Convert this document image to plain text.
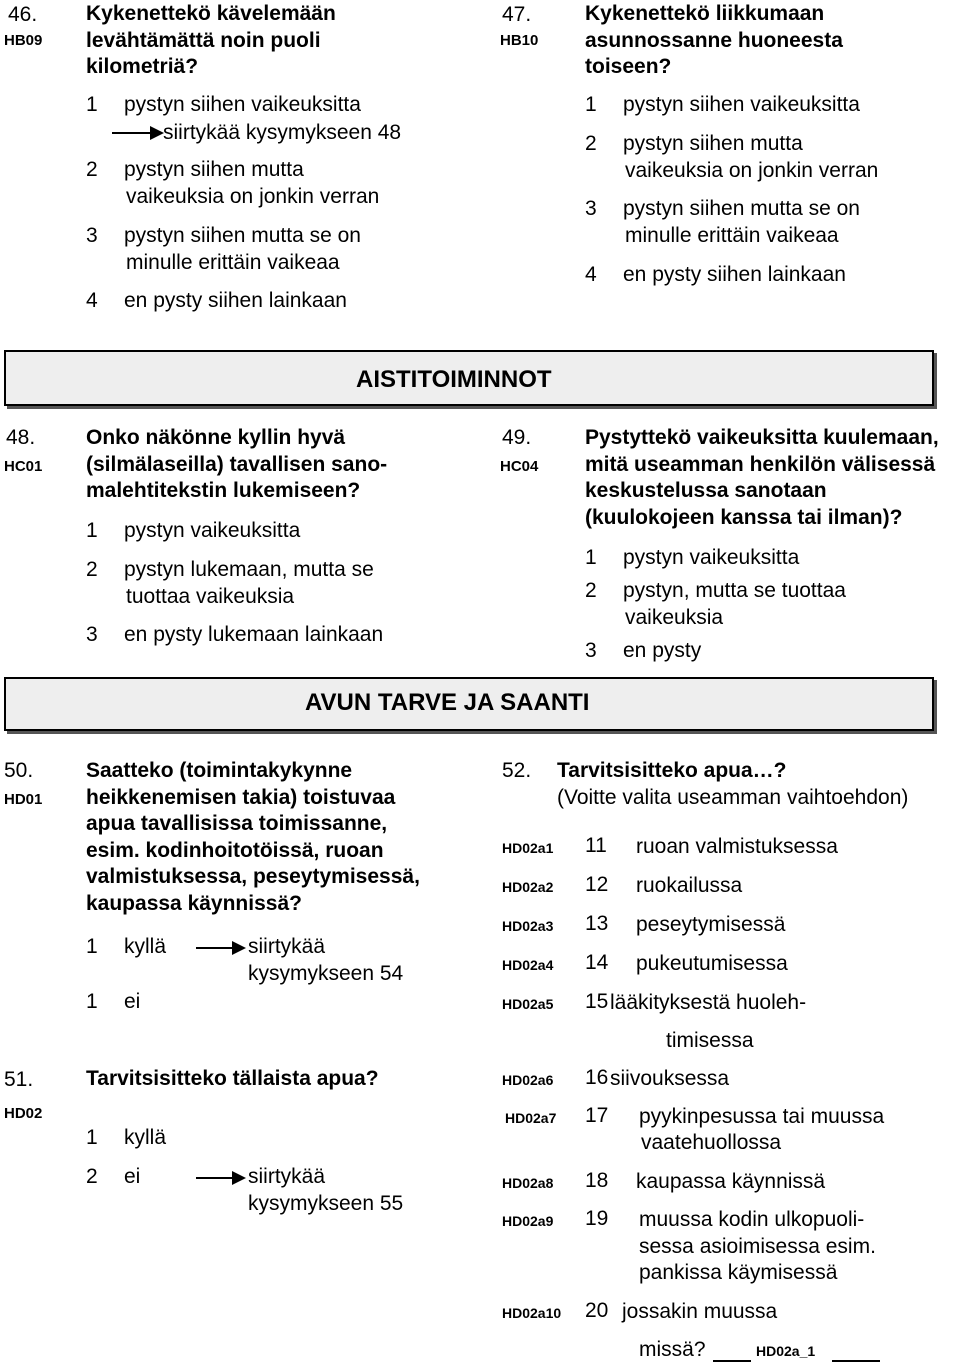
46.
HB09
Kykenettekö kävelemään levähtämättä noin puoli kilometriä?
1 pystyn siihen vaikeuksitta
siirtykää kysymykseen 48
2 pystyn siihen mutta
vaikeuksia on jonkin verran
3 pystyn siihen mutta se on
minulle erittäin vaikeaa
4 en pysty siihen lainkaan
47.
HB10
Kykenettekö liikkumaan asunnossanne huoneesta toiseen?
1 pystyn siihen vaikeuksitta
2 pystyn siihen mutta
vaikeuksia on jonkin verran
3 pystyn siihen mutta se on
minulle erittäin vaikeaa
4 en pysty siihen lainkaan
AISTITOIMINNOT
48.
HC01
Onko näkönne kyllin hyvä (silmälaseilla) tavallisen sanomalehtitekstin lukemiseen?
1 pystyn vaikeuksitta
2 pystyn lukemaan, mutta se
tuottaa vaikeuksia
3 en pysty lukemaan lainkaan
49.
HC04
Pystyttekö vaikeuksitta kuulemaan, mitä useamman henkilön välisessä keskustelussa sanotaan (kuulokojeen kanssa tai ilman)?
1 pystyn vaikeuksitta
2 pystyn, mutta se tuottaa
vaikeuksia
3 en pysty
AVUN TARVE JA SAANTI
50.
HD01
Saatteko (toimintakykynne heikkenemisen takia) toistuvaa apua tavallisissa toimissanne, esim. kodinhoitotöissä, ruoan valmistuksessa, peseytymisessä, kaupassa käynnissä?
1 kyllä	siirtykää
kysymykseen 54
1 ei
51.
HD02
Tarvitsisitteko tällaista apua?
1 kyllä
2 ei	siirtykää
kysymykseen 55
52. Tarvitsisitteko apua…?
(Voitte valita useamman vaihtoehdon)
HD02a1 11 ruoan valmistuksessa
HD02a2 12 ruokailussa
HD02a3 13 peseytymisessä
HD02a4 14 pukeutumisessa
HD02a5 15 lääkityksestä huoleh-
timisessa
HD02a6 16 siivouksessa
HD02a7 17 pyykinpesussa tai muussa
vaatehuollossa
HD02a8 18 kaupassa käynnissä
HD02a9 19 muussa kodin ulkopuoli-
sessa asioimisessa esim.
pankissa käymisessä
HD02a10 20 jossakin muussa
missä?	HD02a_1
